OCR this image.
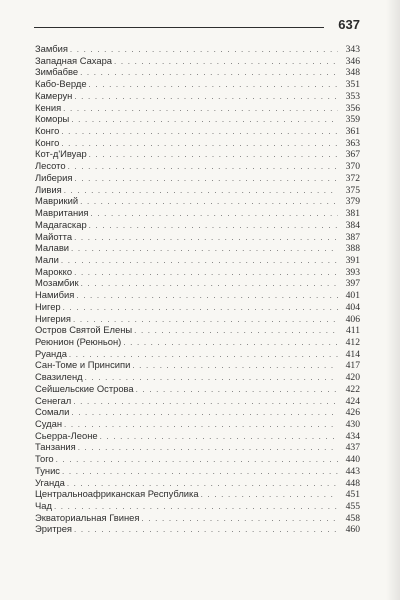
637
Замбия . . .	343
Западная Сахара . . .	346
Зимбабве . . .	348
Кабо-Верде . . .	351
Камерун . . .	353
Кения . . .	356
Коморы . . .	359
Конго . . .	361
Конго . . .	363
Кот-д'Ивуар . . .	367
Лесото . . .	370
Либерия . . .	372
Ливия . . .	375
Маврикий . . .	379
Мавритания . . .	381
Мадагаскар . . .	384
Майотта . . .	387
Малави . . .	388
Мали . . .	391
Марокко . . .	393
Мозамбик . . .	397
Намибия . . .	401
Нигер . . .	404
Нигерия . . .	406
Остров Святой Елены . . .	411
Реюнион (Реюньон) . . .	412
Руанда . . .	414
Сан-Томе и Принсипи . . .	417
Свазиленд . . .	420
Сейшельские Острова . . .	422
Сенегал . . .	424
Сомали . . .	426
Судан . . .	430
Сьерра-Леоне . . .	434
Танзания . . .	437
Того . . .	440
Тунис . . .	443
Уганда . . .	448
Центральноафриканская Республика . . .	451
Чад . . .	455
Экваториальная Гвинея . . .	458
Эритрея . . .	460
